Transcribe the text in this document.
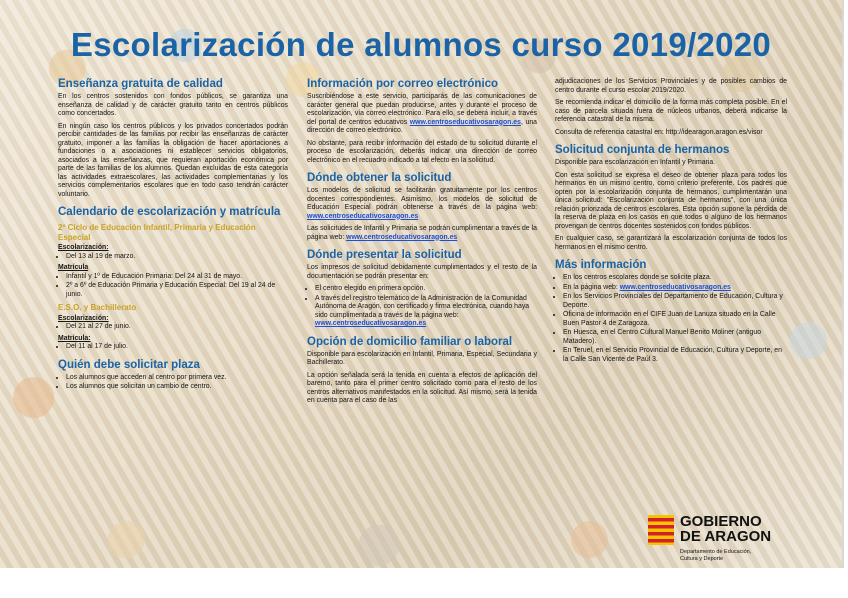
Escolarización de alumnos curso 2019/2020
Enseñanza gratuita de calidad

En los centros sostenidos con fondos públicos, se garantiza una enseñanza de calidad y de carácter gratuito tanto en centros públicos como concertados.

En ningún caso los centros públicos y los privados concertados podrán percibir cantidades de las familias por recibir las enseñanzas de carácter gratuito, imponer a las familias la obligación de hacer aportaciones a fundaciones o a asociaciones ni establecer servicios obligatorios, asociados a las enseñanzas, que requieran aportación económica por parte de las familias de los alumnos. Quedan excluidas de esta categoría las actividades extraescolares, las actividades complementarias y los servicios complementarios escolares que en todo caso tendrán carácter voluntario.

Calendario de escolarización y matrícula
2º Ciclo de Educación Infantil, Primaria y Educación Especial
Escolarización:
• Del 13 al 19 de marzo.
Matrícula
• Infantil y 1º de Educación Primaria: Del 24 al 31 de mayo.
• 2º a 6º de Educación Primaria y Educación Especial: Del 19 al 24 de junio.
E.S.O. y Bachillerato
Escolarización:
• Del 21 al 27 de junio.
Matrícula:
• Del 11 al 17 de julio.
Quién debe solicitar plaza
• Los alumnos que acceden al centro por primera vez.
• Los alumnos que solicitan un cambio de centro.
Información por correo electrónico

Suscribiéndose a este servicio, participarás de las comunicaciones de carácter general que puedan producirse, antes y durante el proceso de escolarización, vía correo electrónico. Para ello, se deberá incluir, a través del portal de centros educativos www.centroseducativosaragon.es, una dirección de correo electrónico.

No obstante, para recibir información del estado de tu solicitud durante el proceso de escolarización, deberás indicar una dirección de correo electrónico en el recuadro indicado a tal efecto en la solicitud.

Dónde obtener la solicitud

Los modelos de solicitud se facilitarán gratuitamente por los centros docentes correspondientes. Asimismo, los modelos de solicitud de Educación Especial podrán obtenerse a través de la página web: www.centroseducativosaragon.es

Las solicitudes de Infantil y Primaria se podrán cumplimentar a través de la página web: www.centroseducativosaragon.es

Dónde presentar la solicitud

Los impresos de solicitud debidamente cumplimentados y el resto de la documentación se podrán presentar en:

• El centro elegido en primera opción.
• A través del registro telemático de la Administración de la Comunidad Autónoma de Aragón, con certificado y firma electrónica, cuando haya sido cumplimentada a través de la página web: www.centroseducativosaragon.es
Opción de domicilio familiar o laboral

Disponible para escolarización en Infantil, Primaria, Especial, Secundaria y Bachillerato.

La opción señalada será la tenida en cuenta a efectos de aplicación del baremo, tanto para el primer centro solicitado como para el resto de los centros alternativos manifestados en la solicitud. Así mismo, será la tenida en cuenta para el caso de las

adjudicaciones de los Servicios Provinciales y de posibles cambios de centro durante el curso escolar 2019/2020.

Se recomienda indicar el domicilio de la forma más completa posible. En el caso de parcela situada fuera de núcleos urbanos, deberá indicarse la referencia catastral de la misma.

Consulta de referencia catastral en: http://idearagon.aragon.es/visor

Solicitud conjunta de hermanos

Disponible para escolarización en Infantil y Primaria.

Con esta solicitud se expresa el deseo de obtener plaza para todos los hermanos en un mismo centro, como criterio preferente. Los padres que opten por la escolarización conjunta de hermanos, cumplimentarán una única solicitud: "Escolarización conjunta de hermanos", con una única relación priorizada de centros escolares. Esta opción supone la pérdida de la reserva de plaza en los casos en que todos o alguno de los hermanos provengan de centros docentes sostenidos con fondos públicos.

En cualquier caso, se garantizará la escolarización conjunta de todos los hermanos en el mismo centro.

Más información
• En los centros escolares donde se solicite plaza.
• En la página web: www.centroseducativosaragon.es
• En los Servicios Provinciales del Departamento de Educación, Cultura y Deporte.
• Oficina de información en el CIFE Juan de Lanuza situado en la Calle Buen Pastor 4 de Zaragoza.
• En Huesca, en el Centro Cultural Manuel Benito Moliner (antiguo Matadero).
• En Teruel, en el Servicio Provincial de Educación, Cultura y Deporte, en la Calle San Vicente de Paúl 3.
GOBIERNO
DE ARAGON
Departamento de Educación,
Cultura y Deporte
